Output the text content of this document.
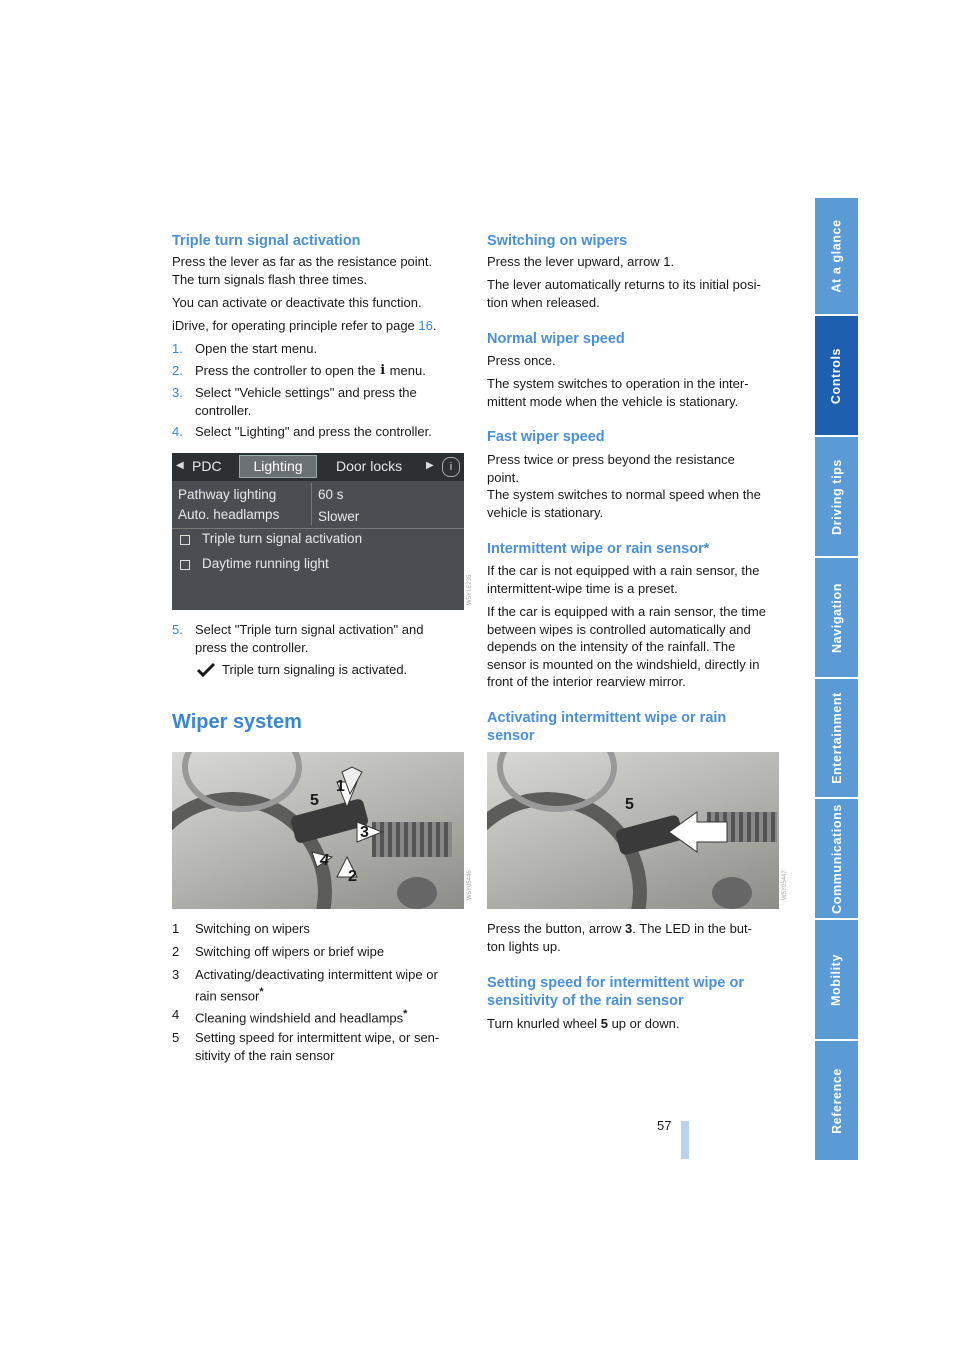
Triple turn signal activation
Press the lever as far as the resistance point.
The turn signals flash three times.
You can activate or deactivate this function.
iDrive, for operating principle refer to page 16.
1. Open the start menu.
2. Press the controller to open the i menu.
3. Select "Vehicle settings" and press the
controller.
4. Select "Lighting" and press the controller.
◀ PDC	Lighting	Door locks ▶	i
Pathway lighting	60 s
Auto. headlamps	Slower
Triple turn signal activation
Daytime running light
W5Y1E235
5. Select "Triple turn signal activation" and
press the controller.
Triple turn signaling is activated.
Wiper system
1
2
3
4
5
W5Y05446
1	Switching on wipers
2	Switching off wipers or brief wipe
3	Activating/deactivating intermittent wipe or
rain sensor*
4	Cleaning windshield and headlamps*
5	Setting speed for intermittent wipe, or sen-
sitivity of the rain sensor
Switching on wipers
Press the lever upward, arrow 1.
The lever automatically returns to its initial posi-
tion when released.
Normal wiper speed
Press once.
The system switches to operation in the inter-
mittent mode when the vehicle is stationary.
Fast wiper speed
Press twice or press beyond the resistance
point.
The system switches to normal speed when the
vehicle is stationary.
Intermittent wipe or rain sensor*
If the car is not equipped with a rain sensor, the
intermittent-wipe time is a preset.
If the car is equipped with a rain sensor, the time
between wipes is controlled automatically and
depends on the intensity of the rainfall. The
sensor is mounted on the windshield, directly in
front of the interior rearview mirror.
Activating intermittent wipe or rain
sensor
5
W5Y05447
Press the button, arrow 3. The LED in the but-
ton lights up.
Setting speed for intermittent wipe or
sensitivity of the rain sensor
Turn knurled wheel 5 up or down.
57
At a glance
Controls
Driving tips
Navigation
Entertainment
Communications
Mobility
Reference
